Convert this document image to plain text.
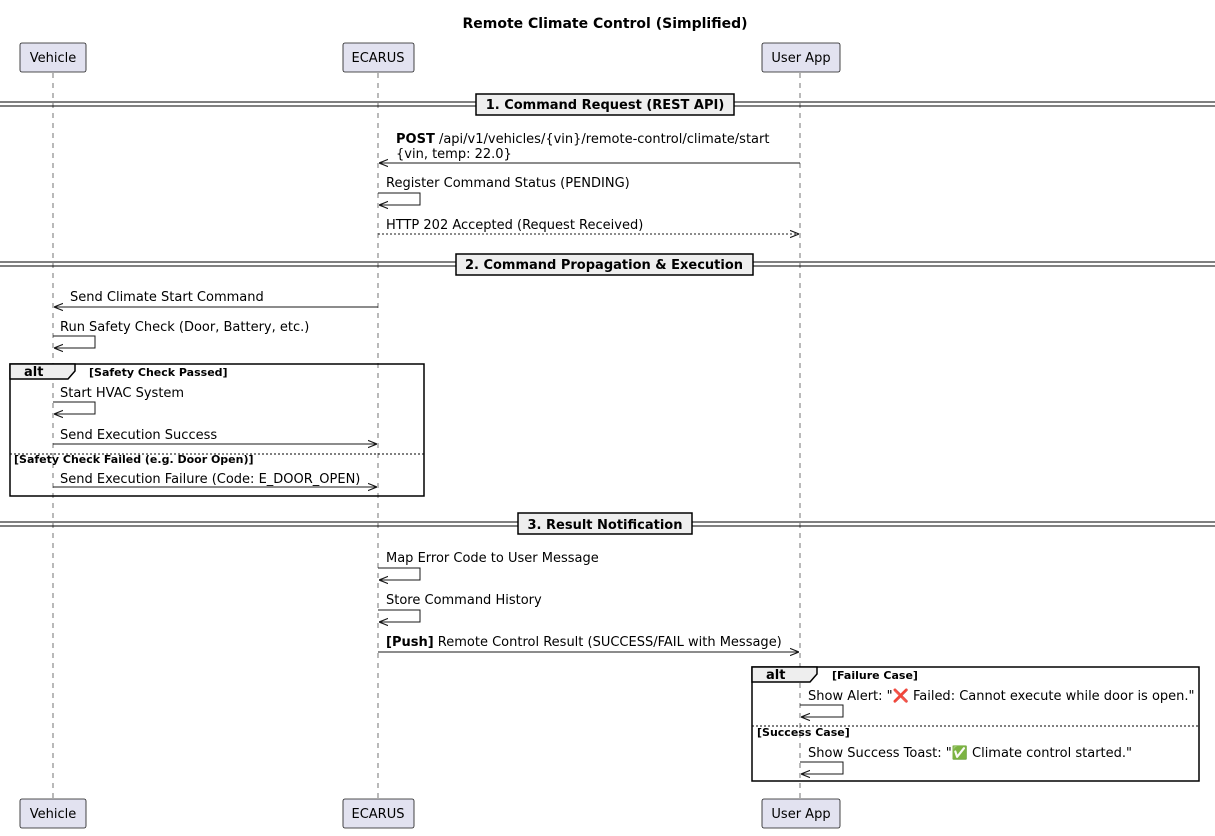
Remote Climate Control (Simplified)
Vehicle	ECARUS	User App
Vehicle	ECARUS	User App
1. Command Request (REST API)
POST /api/v1/vehicles/{vin}/remote-control/climate/start
{vin, temp: 22.0}
Register Command Status (PENDING)
HTTP 202 Accepted (Request Received)
2. Command Propagation & Execution
Send Climate Start Command
Run Safety Check (Door, Battery, etc.)
alt	[Safety Check Passed]
[Safety Check Failed (e.g. Door Open)]
Start HVAC System
Send Execution Success
Send Execution Failure (Code: E_DOOR_OPEN)
3. Result Notification
Map Error Code to User Message
Store Command History
[Push] Remote Control Result (SUCCESS/FAIL with Message)
alt	[Failure Case]
[Success Case]
Show Alert: "❌ Failed: Cannot execute while door is open."
Show Success Toast: "✅ Climate control started."
